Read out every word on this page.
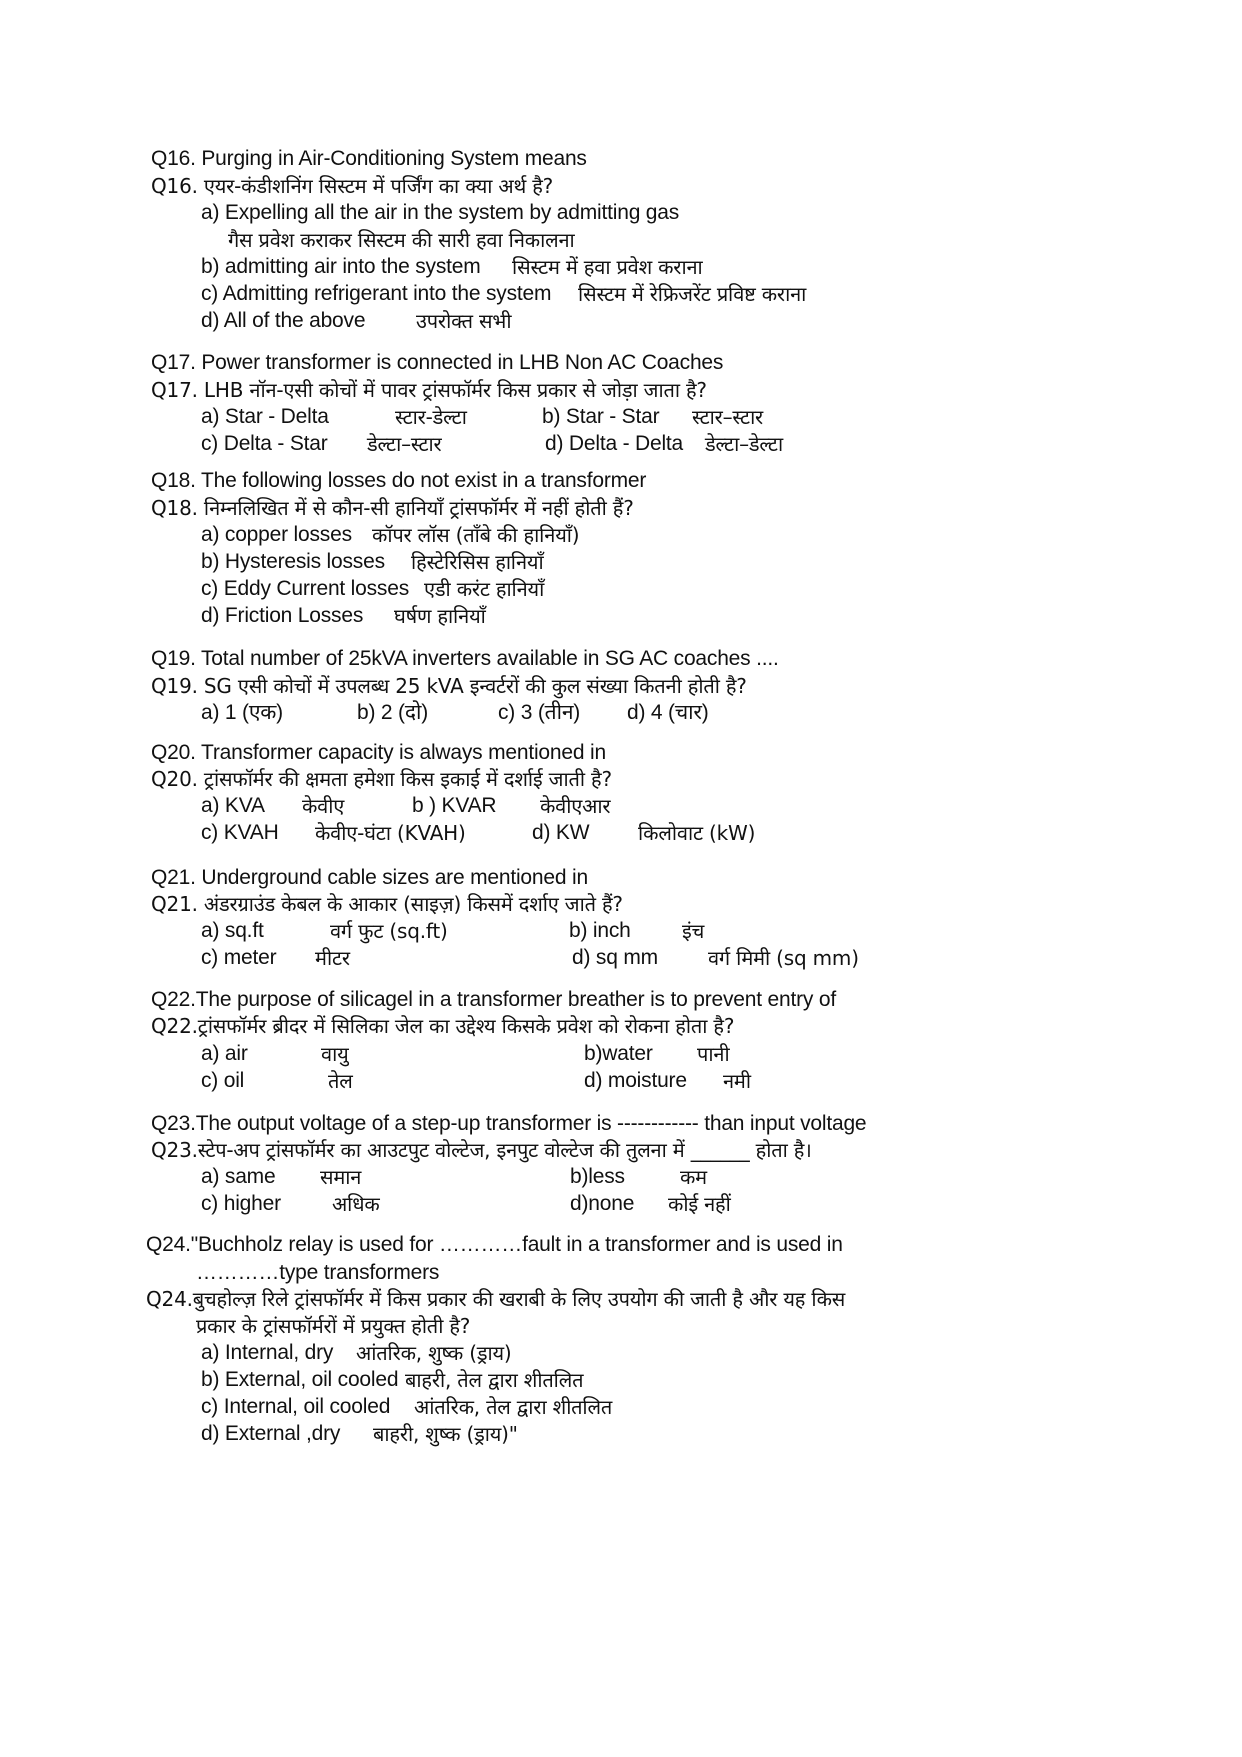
Q16. Purging in Air-Conditioning System means
Q16. एयर-कंडीशनिंग सिस्टम में पर्जिंग का क्या अर्थ है?
a) Expelling all the air in the system by admitting gas
गैस प्रवेश कराकर सिस्टम की सारी हवा निकालना
b) admitting air into the system सिस्टम में हवा प्रवेश कराना
c) Admitting refrigerant into the system सिस्टम में रेफ्रिजरेंट प्रविष्ट कराना
d) All of the above	उपरोक्त सभी
Q17. Power transformer is connected in LHB Non AC Coaches
Q17. LHB नॉन-एसी कोचों में पावर ट्रांसफॉर्मर किस प्रकार से जोड़ा जाता है?
a) Star - Delta	स्टार-डेल्टा	b) Star - Star स्टार–स्टार
c) Delta - Star डेल्टा–स्टार	d) Delta - Delta डेल्टा–डेल्टा
Q18. The following losses do not exist in a transformer
Q18. निम्नलिखित में से कौन-सी हानियाँ ट्रांसफॉर्मर में नहीं होती हैं?
a) copper losses कॉपर लॉस (ताँबे की हानियाँ)
b) Hysteresis losses हिस्टेरिसिस हानियाँ
c) Eddy Current losses एडी करंट हानियाँ
d) Friction Losses घर्षण हानियाँ
Q19. Total number of 25kVA inverters available in SG AC coaches ....
Q19. SG एसी कोचों में उपलब्ध 25 kVA इन्वर्टरों की कुल संख्या कितनी होती है?
a) 1 (एक)	b) 2 (दो)	c) 3 (तीन) d) 4 (चार)
Q20. Transformer capacity is always mentioned in
Q20. ट्रांसफॉर्मर की क्षमता हमेशा किस इकाई में दर्शाई जाती है?
a) KVA केवीए	b ) KVAR केवीएआर
c) KVAH केवीए-घंटा (KVAH)	d) KW किलोवाट (kW)
Q21. Underground cable sizes are mentioned in
Q21. अंडरग्राउंड केबल के आकार (साइज़) किसमें दर्शाए जाते हैं?
a) sq.ft	वर्ग फुट (sq.ft)	b) inch	इंच
c) meter मीटर	d) sq mm	वर्ग मिमी (sq mm)
Q22.The purpose of silicagel in a transformer breather is to prevent entry of
Q22.ट्रांसफॉर्मर ब्रीदर में सिलिका जेल का उद्देश्य किसके प्रवेश को रोकना होता है?
a) air	वायु	b)water पानी
c) oil	तेल	d) moisture नमी
Q23.The output voltage of a step-up transformer is ------------ than input voltage
Q23.स्टेप-अप ट्रांसफॉर्मर का आउटपुट वोल्टेज, इनपुट वोल्टेज की तुलना में ______ होता है।
a) same समान	b)less	कम
c) higher	अधिक	d)none कोई नहीं
Q24."Buchholz relay is used for …………fault in a transformer and is used in
…………type transformers
Q24.बुचहोल्ज़ रिले ट्रांसफॉर्मर में किस प्रकार की खराबी के लिए उपयोग की जाती है और यह किस
प्रकार के ट्रांसफॉर्मरों में प्रयुक्त होती है?
a) Internal, dry आंतरिक, शुष्क (ड्राय)
b) External, oil cooled बाहरी, तेल द्वारा शीतलित
c) Internal, oil cooled आंतरिक, तेल द्वारा शीतलित
d) External ,dry बाहरी, शुष्क (ड्राय)"
